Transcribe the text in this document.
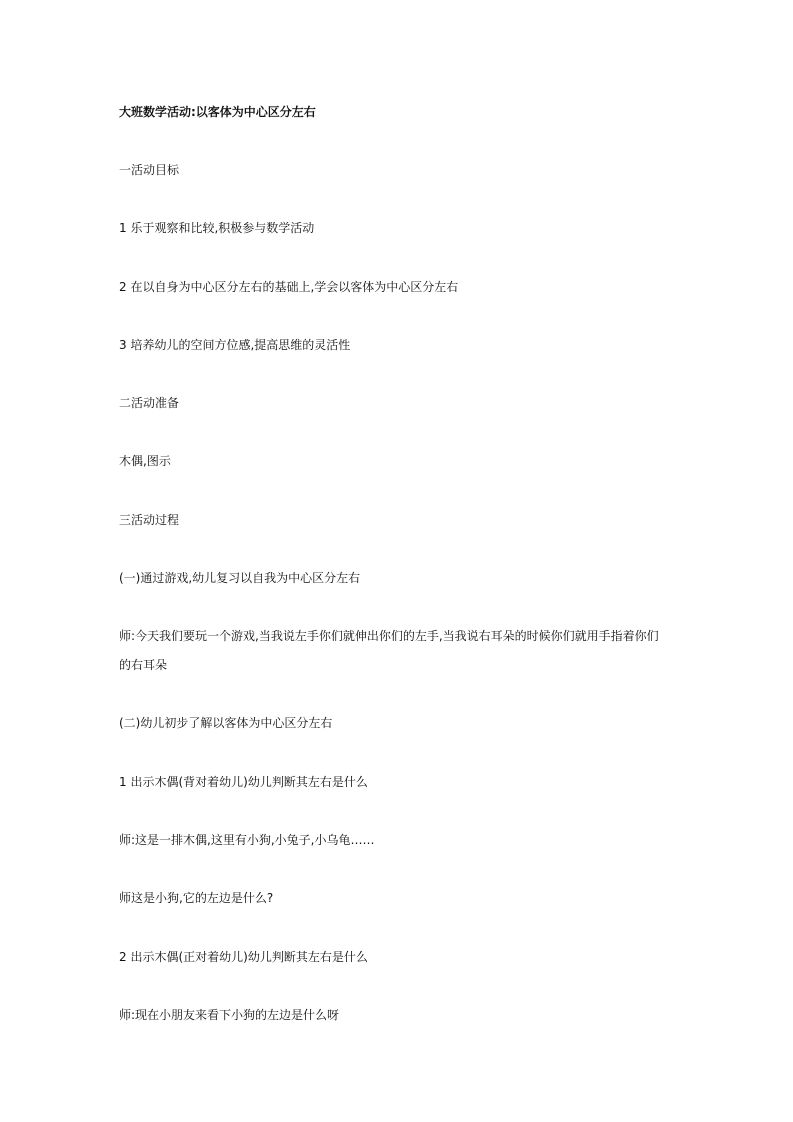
大班数学活动:以客体为中心区分左右
一活动目标
1 乐于观察和比较,积极参与数学活动
2 在以自身为中心区分左右的基础上,学会以客体为中心区分左右
3 培养幼儿的空间方位感,提高思维的灵活性
二活动准备
木偶,图示
三活动过程
(一)通过游戏,幼儿复习以自我为中心区分左右
师:今天我们要玩一个游戏,当我说左手你们就伸出你们的左手,当我说右耳朵的时候你们就用手指着你们
的右耳朵
(二)幼儿初步了解以客体为中心区分左右
1 出示木偶(背对着幼儿)幼儿判断其左右是什么
师:这是一排木偶,这里有小狗,小兔子,小乌龟……
师这是小狗,它的左边是什么?
2 出示木偶(正对着幼儿)幼儿判断其左右是什么
师:现在小朋友来看下小狗的左边是什么呀
